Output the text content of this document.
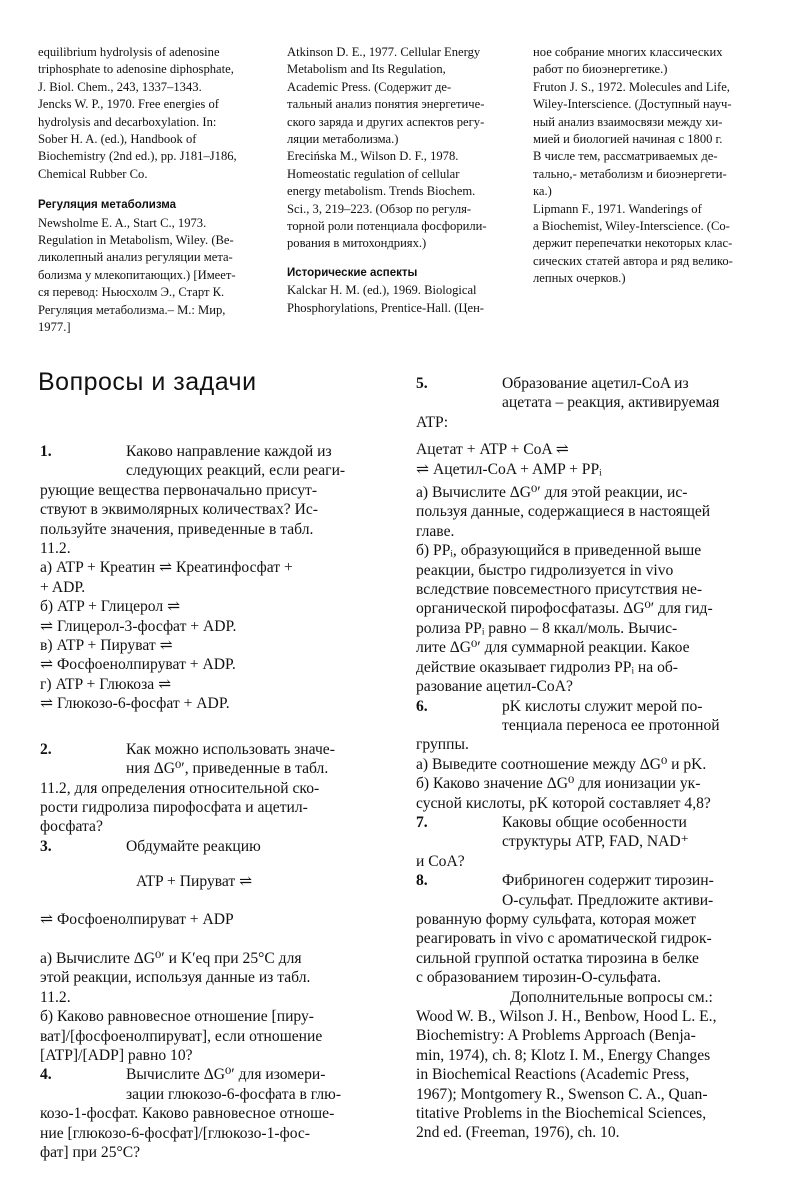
equilibrium hydrolysis of adenosine

triphosphate to adenosine diphosphate,

J. Biol. Chem., 243, 1337–1343.

Jencks W. P., 1970. Free energies of

hydrolysis and decarboxylation. In:

Sober H. A. (ed.), Handbook of

Biochemistry (2nd ed.), pp. J181–J186,

Chemical Rubber Co.

Регуляция метаболизма

Newsholme E. A., Start C., 1973.

Regulation in Metabolism, Wiley. (Ве-

ликолепный анализ регуляции мета-

болизма у млекопитающих.) [Имеет-

ся перевод: Ньюсхолм Э., Старт К.

Регуляция метаболизма.– М.: Мир,

1977.]

Atkinson D. E., 1977. Cellular Energy

Metabolism and Its Regulation,

Academic Press. (Содержит де-

тальный анализ понятия энергетиче-

ского заряда и других аспектов регу-

ляции метаболизма.)

Erecińska M., Wilson D. F., 1978.

Homeostatic regulation of cellular

energy metabolism. Trends Biochem.

Sci., 3, 219–223. (Обзор по регуля-

торной роли потенциала фосфорили-

рования в митохондриях.)

Исторические аспекты

Kalckar H. M. (ed.), 1969. Biological

Phosphorylations, Prentice-Hall. (Цен-

ное собрание многих классических

работ по биоэнергетике.)

Fruton J. S., 1972. Molecules and Life,

Wiley-Interscience. (Доступный науч-

ный анализ взаимосвязи между хи-

мией и биологией начиная с 1800 г.

В числе тем, рассматриваемых де-

тально,- метаболизм и биоэнергети-

ка.)

Lipmann F., 1971. Wanderings of

a Biochemist, Wiley-Interscience. (Со-

держит перепечатки некоторых клас-

сических статей автора и ряд велико-

лепных очерков.)

Вопросы и задачи

1.	Каково направление каждой из

следующих реакций, если реаги-

рующие вещества первоначально присут-

ствуют в эквимолярных количествах? Ис-

пользуйте значения, приведенные в табл.

11.2.

а) ATP + Креатин ⇌ Креатинфосфат +

+ ADP.

б) ATP + Глицерол ⇌

⇌ Глицерол-3-фосфат + ADP.

в) ATP + Пируват ⇌

⇌ Фосфоенолпируват + ADP.

г) ATP + Глюкоза ⇌

⇌ Глюкозо-6-фосфат + ADP.

2.	Как можно использовать значе-

ния ΔG⁰′, приведенные в табл.

11.2, для определения относительной ско-

рости гидролиза пирофосфата и ацетил-

фосфата?

3.	Обдумайте реакцию

ATP + Пируват ⇌

⇌ Фосфоенолпируват + ADP

а) Вычислите ΔG⁰′ и K′eq при 25°C для

этой реакции, используя данные из табл.

11.2.

б) Каково равновесное отношение [пиру-

ват]/[фосфоенолпируват], если отношение

[ATP]/[ADP] равно 10?

4.	Вычислите ΔG⁰′ для изомери-

зации глюкозо-6-фосфата в глю-

козо-1-фосфат. Каково равновесное отноше-

ние [глюкозо-6-фосфат]/[глюкозо-1-фос-

фат] при 25°C?

5.	Образование ацетил-CoA из

ацетата – реакция, активируемая

ATP:

Ацетат + ATP + CoA ⇌

⇌ Ацетил-CoA + AMP + PPᵢ

а) Вычислите ΔG⁰′ для этой реакции, ис-

пользуя данные, содержащиеся в настоящей

главе.

б) PPᵢ, образующийся в приведенной выше

реакции, быстро гидролизуется in vivo

вследствие повсеместного присутствия не-

органической пирофосфатазы. ΔG⁰′ для гид-

ролиза PPᵢ равно – 8 ккал/моль. Вычис-

лите ΔG⁰′ для суммарной реакции. Какое

действие оказывает гидролиз PPᵢ на об-

разование ацетил-CoA?

6.	pK кислоты служит мерой по-

тенциала переноса ее протонной

группы.

а) Выведите соотношение между ΔG⁰ и pK.

б) Каково значение ΔG⁰ для ионизации ук-

сусной кислоты, pK которой составляет 4,8?

7.	Каковы общие особенности

структуры ATP, FAD, NAD⁺

и CoA?

8.	Фибриноген содержит тирозин-

О-сульфат. Предложите активи-

рованную форму сульфата, которая может

реагировать in vivo с ароматической гидрок-

сильной группой остатка тирозина в белке

с образованием тирозин-О-сульфата.

Дополнительные вопросы см.:

Wood W. B., Wilson J. H., Benbow, Hood L. E.,

Biochemistry: A Problems Approach (Benja-

min, 1974), ch. 8; Klotz I. M., Energy Changes

in Biochemical Reactions (Academic Press,

1967); Montgomery R., Swenson C. A., Quan-

titative Problems in the Biochemical Sciences,

2nd ed. (Freeman, 1976), ch. 10.
